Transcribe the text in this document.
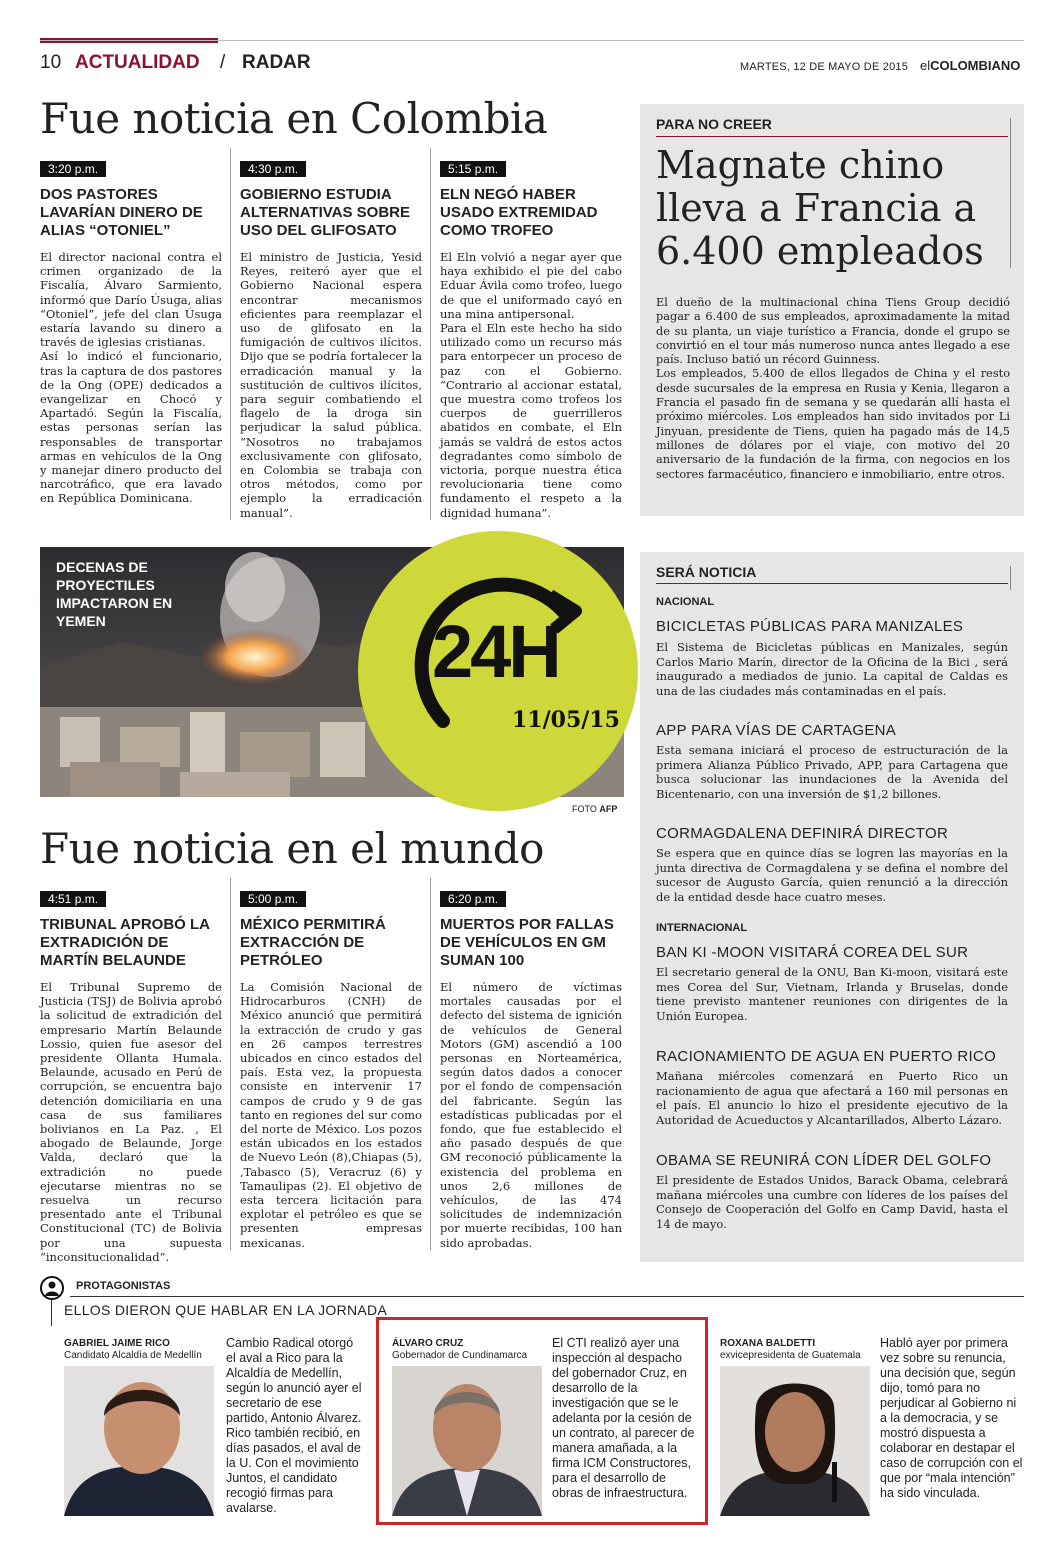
10 ACTUALIDAD / RADAR	MARTES, 12 DE MAYO DE 2015 elCOLOMBIANO
Fue noticia en Colombia
3:20 p.m.
DOS PASTORES LAVARÍAN DINERO DE ALIAS “OTONIEL”
El director nacional contra el crimen organizado de la Fiscalía, Álvaro Sarmiento, informó que Darío Úsuga, alias “Otoniel”, jefe del clan Úsuga estaría lavando su dinero a través de iglesias cristianas.
Así lo indicó el funcionario, tras la captura de dos pastores de la Ong (OPE) dedicados a evangelizar en Chocó y Apartadó. Según la Fiscalía, estas personas serían las responsables de transportar armas en vehículos de la Ong y manejar dinero producto del narcotráfico, que era lavado en República Dominicana.
4:30 p.m.
GOBIERNO ESTUDIA ALTERNATIVAS SOBRE USO DEL GLIFOSATO
El ministro de Justicia, Yesid Reyes, reiteró ayer que el Gobierno Nacional espera encontrar mecanismos eficientes para reemplazar el uso de glifosato en la fumigación de cultivos ilícitos. Dijo que se podría fortalecer la erradicación manual y la sustitución de cultivos ilícitos, para seguir combatiendo el flagelo de la droga sin perjudicar la salud pública. “Nosotros no trabajamos exclusivamente con glifosato, en Colombia se trabaja con otros métodos, como por ejemplo la erradicación manual”.
5:15 p.m.
ELN NEGÓ HABER USADO EXTREMIDAD COMO TROFEO
El Eln volvió a negar ayer que haya exhibido el pie del cabo Eduar Ávila como trofeo, luego de que el uniformado cayó en una mina antipersonal.
Para el Eln este hecho ha sido utilizado como un recurso más para entorpecer un proceso de paz con el Gobierno. “Contrario al accionar estatal, que muestra como trofeos los cuerpos de guerrilleros abatidos en combate, el Eln jamás se valdrá de estos actos degradantes como símbolo de victoria, porque nuestra ética revolucionaria tiene como fundamento el respeto a la dignidad humana”.
PARA NO CREER
Magnate chino lleva a Francia a 6.400 empleados
El dueño de la multinacional china Tiens Group decidió pagar a 6.400 de sus empleados, aproximadamente la mitad de su planta, un viaje turístico a Francia, donde el grupo se convirtió en el tour más numeroso nunca antes llegado a ese país. Incluso batió un récord Guinness.
Los empleados, 5.400 de ellos llegados de China y el resto desde sucursales de la empresa en Rusia y Kenia, llegaron a Francia el pasado fin de semana y se quedarán allí hasta el próximo miércoles. Los empleados han sido invitados por Li Jinyuan, presidente de Tiens, quien ha pagado más de 14,5 millones de dólares por el viaje, con motivo del 20 aniversario de la fundación de la firma, con negocios en los sectores farmacéutico, financiero e inmobiliario, entre otros.
DECENAS DE PROYECTILES IMPACTARON EN YEMEN	24H
11/05/15
FOTO AFP
SERÁ NOTICIA
NACIONAL
BICICLETAS PÚBLICAS PARA MANIZALES
El Sistema de Bicicletas públicas en Manizales, según Carlos Mario Marín, director de la Oficina de la Bici , será inaugurado a mediados de junio. La capital de Caldas es una de las ciudades más contaminadas en el país.
APP PARA VÍAS DE CARTAGENA
Esta semana iniciará el proceso de estructuración de la primera Alianza Público Privado, APP, para Cartagena que busca solucionar las inundaciones de la Avenida del Bicentenario, con una inversión de $1,2 billones.
CORMAGDALENA DEFINIRÁ DIRECTOR
Se espera que en quince días se logren las mayorías en la junta directiva de Cormagdalena y se defina el nombre del sucesor de Augusto García, quien renunció a la dirección de la entidad desde hace cuatro meses.
INTERNACIONAL
BAN KI -MOON VISITARÁ COREA DEL SUR
El secretario general de la ONU, Ban Ki-moon, visitará este mes Corea del Sur, Vietnam, Irlanda y Bruselas, donde tiene previsto mantener reuniones con dirigentes de la Unión Europea.
RACIONAMIENTO DE AGUA EN PUERTO RICO
Mañana miércoles comenzará en Puerto Rico un racionamiento de agua que afectará a 160 mil personas en el país. El anuncio lo hizo el presidente ejecutivo de la Autoridad de Acueductos y Alcantarillados, Alberto Lázaro.
OBAMA SE REUNIRÁ CON LÍDER DEL GOLFO
El presidente de Estados Unidos, Barack Obama, celebrará mañana miércoles una cumbre con líderes de los países del Consejo de Cooperación del Golfo en Camp David, hasta el 14 de mayo.
Fue noticia en el mundo
4:51 p.m.
TRIBUNAL APROBÓ LA EXTRADICIÓN DE MARTÍN BELAUNDE
El Tribunal Supremo de Justicia (TSJ) de Bolivia aprobó la solicitud de extradición del empresario Martín Belaunde Lossio, quien fue asesor del presidente Ollanta Humala. Belaunde, acusado en Perú de corrupción, se encuentra bajo detención domiciliaria en una casa de sus familiares bolivianos en La Paz. , El abogado de Belaunde, Jorge Valda, declaró que la extradición no puede ejecutarse mientras no se resuelva un recurso presentado ante el Tribunal Constitucional (TC) de Bolivia por una supuesta “inconsitucionalidad”.
5:00 p.m.
MÉXICO PERMITIRÁ EXTRACCIÓN DE PETRÓLEO
La Comisión Nacional de Hidrocarburos (CNH) de México anunció que permitirá la extracción de crudo y gas en 26 campos terrestres ubicados en cinco estados del país. Esta vez, la propuesta consiste en intervenir 17 campos de crudo y 9 de gas tanto en regiones del sur como del norte de México. Los pozos están ubicados en los estados de Nuevo León (8),Chiapas (5), ,Tabasco (5), Veracruz (6) y Tamaulipas (2). El objetivo de esta tercera licitación para explotar el petróleo es que se presenten empresas mexicanas.
6:20 p.m.
MUERTOS POR FALLAS DE VEHÍCULOS EN GM SUMAN 100
El número de víctimas mortales causadas por el defecto del sistema de ignición de vehículos de General Motors (GM) ascendió a 100 personas en Norteamérica, según datos dados a conocer por el fondo de compensación del fabricante. Según las estadísticas publicadas por el fondo, que fue establecido el año pasado después de que GM reconoció públicamente la existencia del problema en unos 2,6 millones de vehículos, de las 474 solicitudes de indemnización por muerte recibidas, 100 han sido aprobadas.
PROTAGONISTAS
ELLOS DIERON QUE HABLAR EN LA JORNADA
GABRIEL JAIME RICO
Candidato Alcaldía de Medellín
Cambio Radical otorgó el aval a Rico para la Alcaldía de Medellín, según lo anunció ayer el secretario de ese partido, Antonio Álvarez. Rico también recibió, en días pasados, el aval de la U. Con el movimiento Juntos, el candidato recogió firmas para avalarse.
ÁLVARO CRUZ
Gobernador de Cundinamarca
El CTI realizó ayer una inspección al despacho del gobernador Cruz, en desarrollo de la investigación que se le adelanta por la cesión de un contrato, al parecer de manera amañada, a la firma ICM Constructores, para el desarrollo de obras de infraestructura.
ROXANA BALDETTI
exvicepresidenta de Guatemala
Habló ayer por primera vez sobre su renuncia, una decisión que, según dijo, tomó para no perjudicar al Gobierno ni a la democracia, y se mostró dispuesta a colaborar en destapar el caso de corrupción con el que por “mala intención” ha sido vinculada.
